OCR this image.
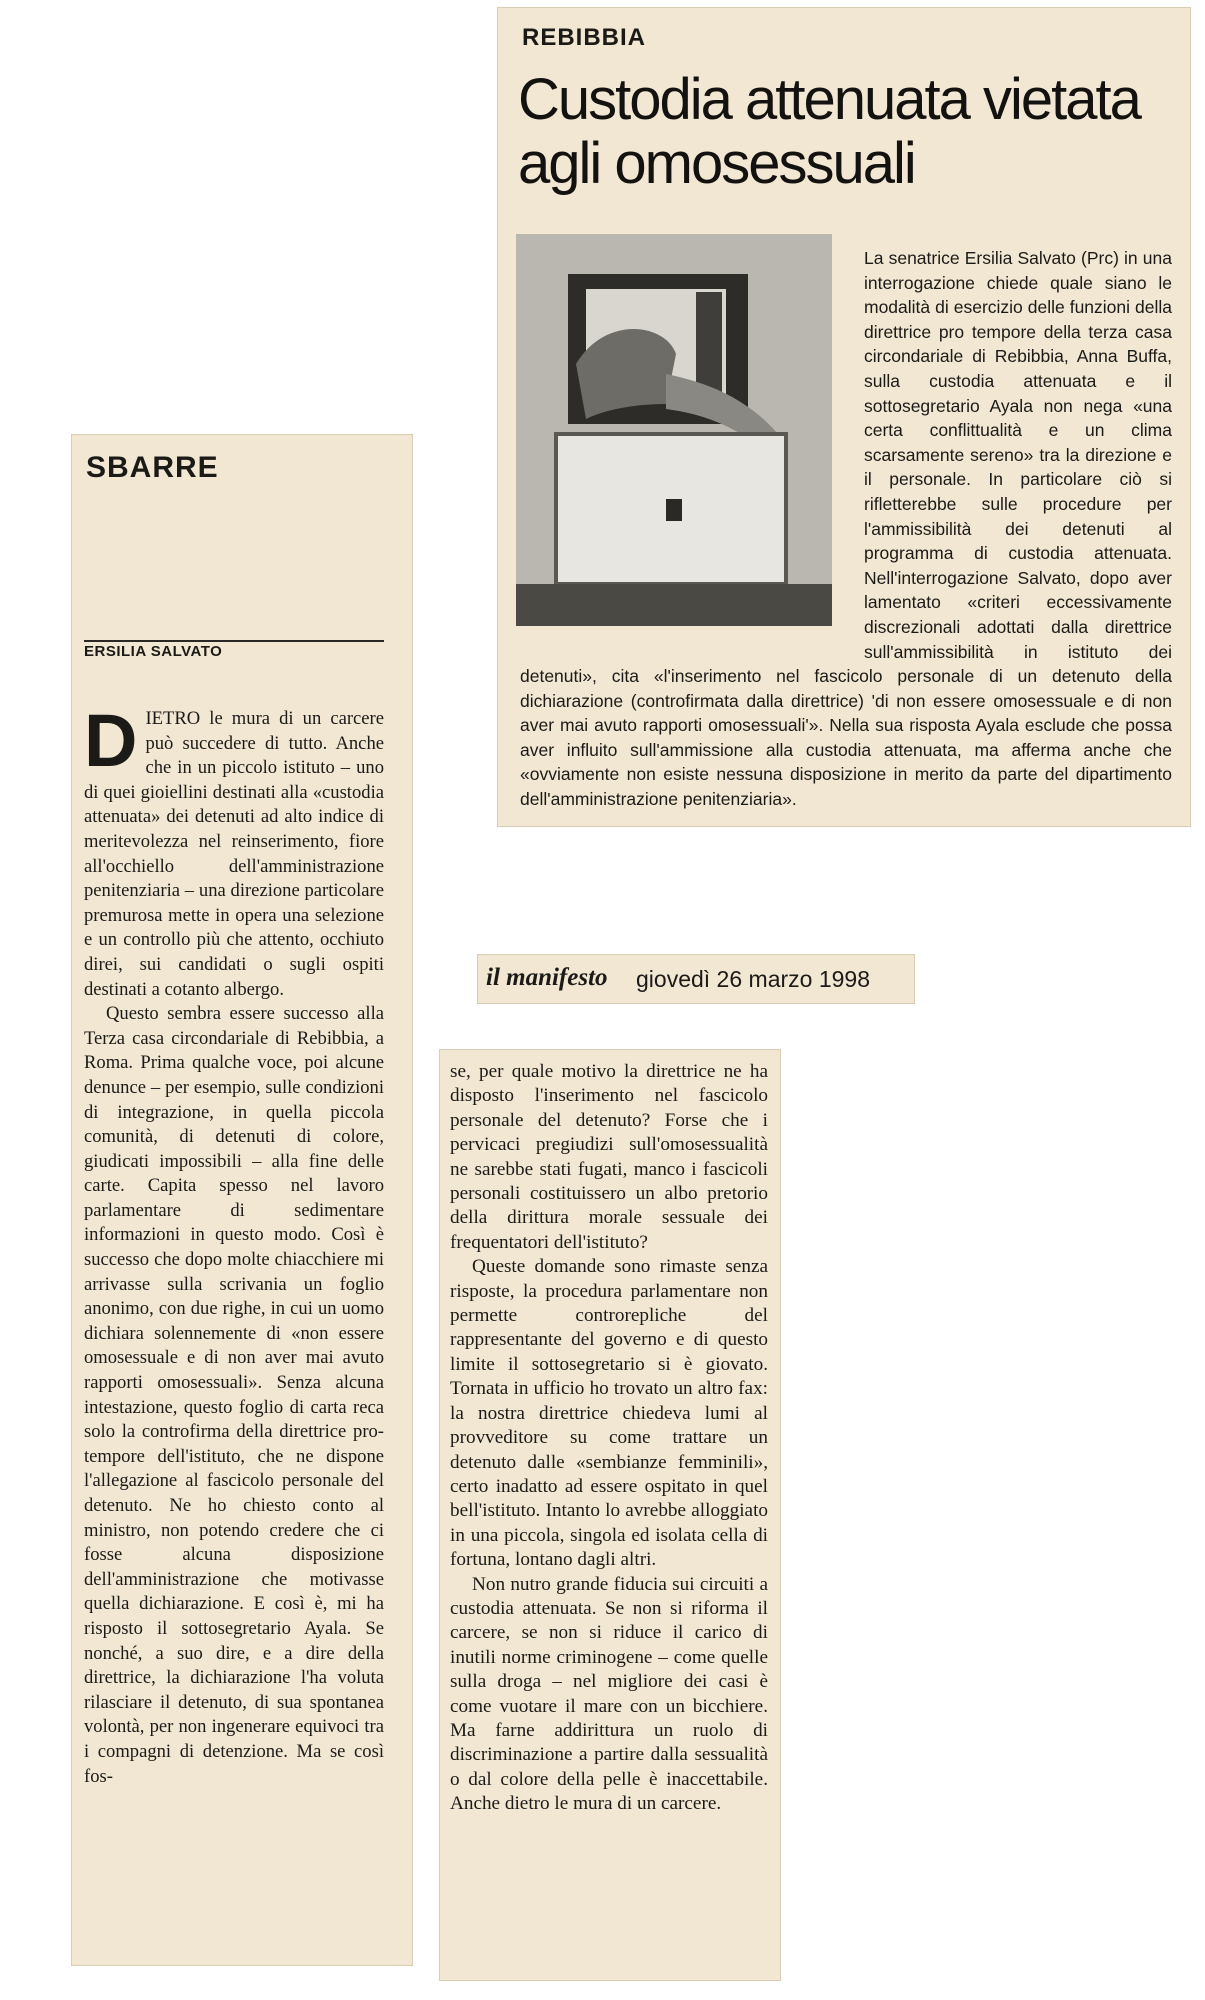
REBIBBIA
Custodia attenuata vietata agli omosessuali
La senatrice Ersilia Salvato (Prc) in una interrogazione chiede quale siano le modalità di esercizio delle funzioni della direttrice pro tempore della terza casa circondariale di Rebibbia, Anna Buffa, sulla custodia attenuata e il sottosegretario Ayala non nega «una certa conflittualità e un clima scarsamente sereno» tra la direzione e il personale. In particolare ciò si rifletterebbe sulle procedure per l'ammissibilità dei detenuti al programma di custodia attenuata. Nell'interrogazione Salvato, dopo aver lamentato «criteri eccessivamente discrezionali adottati dalla direttrice sull'ammissibilità in istituto dei detenuti», cita «l'inserimento nel fascicolo personale di un detenuto della dichiarazione (controfirmata dalla direttrice) 'di non essere omosessuale e di non aver mai avuto rapporti omosessuali'». Nella sua risposta Ayala esclude che possa aver influito sull'ammissione alla custodia attenuata, ma afferma anche che «ovviamente non esiste nessuna disposizione in merito da parte del dipartimento dell'amministrazione penitenziaria».
SBARRE
ERSILIA SALVATO

DIETRO le mura di un carcere può succedere di tutto. Anche che in un piccolo istituto – uno di quei gioiellini destinati alla «custodia attenuata» dei detenuti ad alto indice di meritevolezza nel reinserimento, fiore all'occhiello dell'amministrazione penitenziaria – una direzione particolare premurosa mette in opera una selezione e un controllo più che attento, occhiuto direi, sui candidati o sugli ospiti destinati a cotanto albergo.

Questo sembra essere successo alla Terza casa circondariale di Rebibbia, a Roma. Prima qualche voce, poi alcune denunce – per esempio, sulle condizioni di integrazione, in quella piccola comunità, di detenuti di colore, giudicati impossibili – alla fine delle carte. Capita spesso nel lavoro parlamentare di sedimentare informazioni in questo modo. Così è successo che dopo molte chiacchiere mi arrivasse sulla scrivania un foglio anonimo, con due righe, in cui un uomo dichiara solennemente di «non essere omosessuale e di non aver mai avuto rapporti omosessuali». Senza alcuna intestazione, questo foglio di carta reca solo la controfirma della direttrice pro-tempore dell'istituto, che ne dispone l'allegazione al fascicolo personale del detenuto. Ne ho chiesto conto al ministro, non potendo credere che ci fosse alcuna disposizione dell'amministrazione che motivasse quella dichiarazione. E così è, mi ha risposto il sottosegretario Ayala. Se nonché, a suo dire, e a dire della direttrice, la dichiarazione l'ha voluta rilasciare il detenuto, di sua spontanea volontà, per non ingenerare equivoci tra i compagni di detenzione. Ma se così fos-

il manifesto giovedì 26 marzo 1998

se, per quale motivo la direttrice ne ha disposto l'inserimento nel fascicolo personale del detenuto? Forse che i pervicaci pregiudizi sull'omosessualità ne sarebbe stati fugati, manco i fascicoli personali costituissero un albo pretorio della dirittura morale sessuale dei frequentatori dell'istituto?

Queste domande sono rimaste senza risposte, la procedura parlamentare non permette controrepliche del rappresentante del governo e di questo limite il sottosegretario si è giovato. Tornata in ufficio ho trovato un altro fax: la nostra direttrice chiedeva lumi al provveditore su come trattare un detenuto dalle «sembianze femminili», certo inadatto ad essere ospitato in quel bell'istituto. Intanto lo avrebbe alloggiato in una piccola, singola ed isolata cella di fortuna, lontano dagli altri.

Non nutro grande fiducia sui circuiti a custodia attenuata. Se non si riforma il carcere, se non si riduce il carico di inutili norme criminogene – come quelle sulla droga – nel migliore dei casi è come vuotare il mare con un bicchiere. Ma farne addirittura un ruolo di discriminazione a partire dalla sessualità o dal colore della pelle è inaccettabile. Anche dietro le mura di un carcere.
